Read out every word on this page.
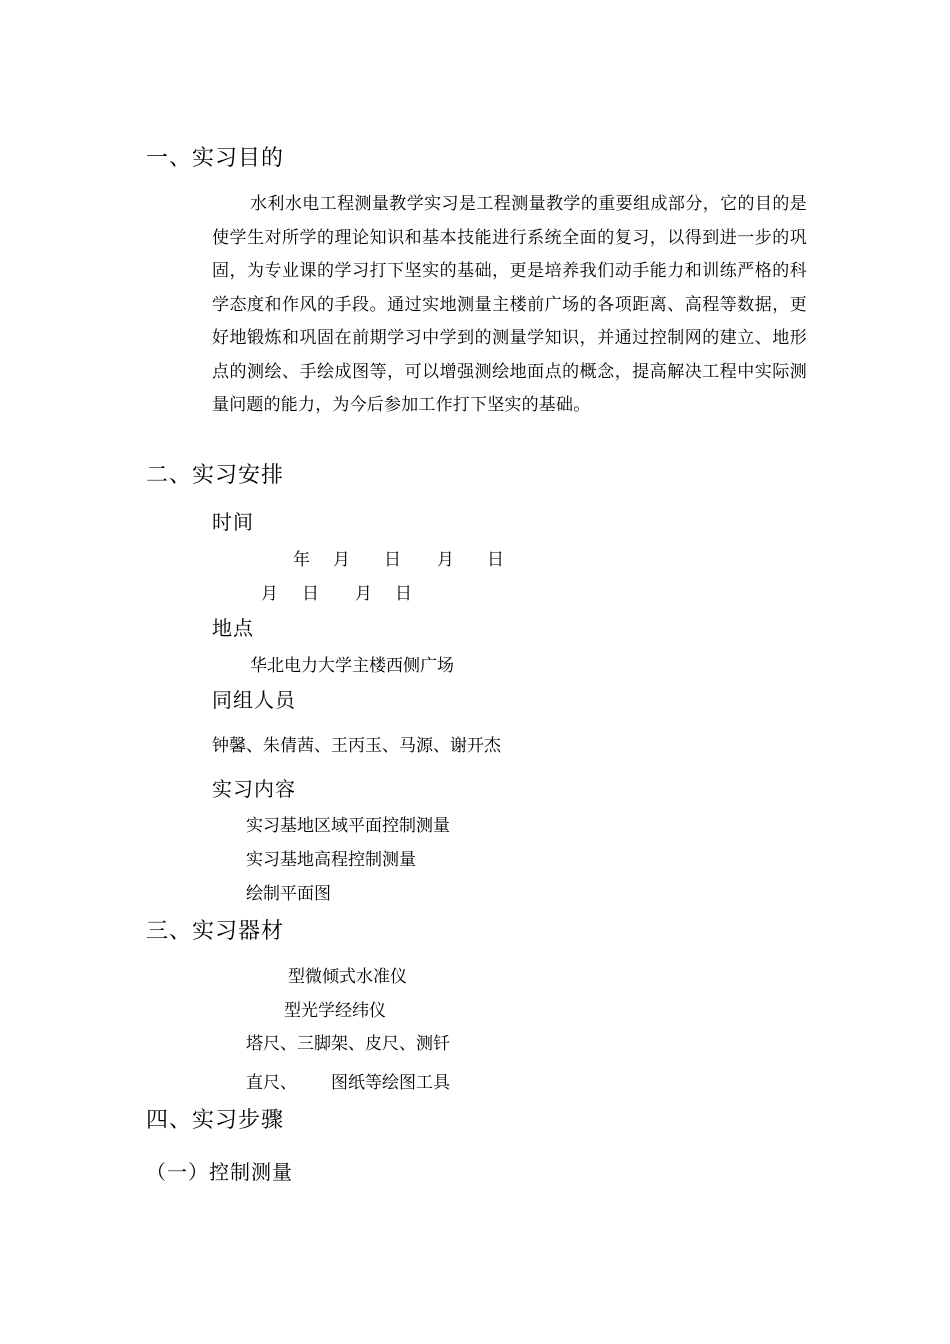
一、实习目的
水利水电工程测量教学实习是工程测量教学的重要组成部分，它的目的是使学生对所学的理论知识和基本技能进行系统全面的复习，以得到进一步的巩固，为专业课的学习打下坚实的基础，更是培养我们动手能力和训练严格的科学态度和作风的手段。通过实地测量主楼前广场的各项距离、高程等数据，更好地锻炼和巩固在前期学习中学到的测量学知识，并通过控制网的建立、地形点的测绘、手绘成图等，可以增强测绘地面点的概念，提高解决工程中实际测量问题的能力，为今后参加工作打下坚实的基础。
二、实习安排
时间
年 月 日 月 日
月 日 月 日
地点
华北电力大学主楼西侧广场
同组人员
钟馨、朱倩茜、王丙玉、马源、谢开杰
实习内容
实习基地区域平面控制测量
实习基地高程控制测量
绘制平面图
三、实习器材
型微倾式水准仪
型光学经纬仪
塔尺、三脚架、皮尺、测钎
直尺、 图纸等绘图工具
四、实习步骤
（一）控制测量
